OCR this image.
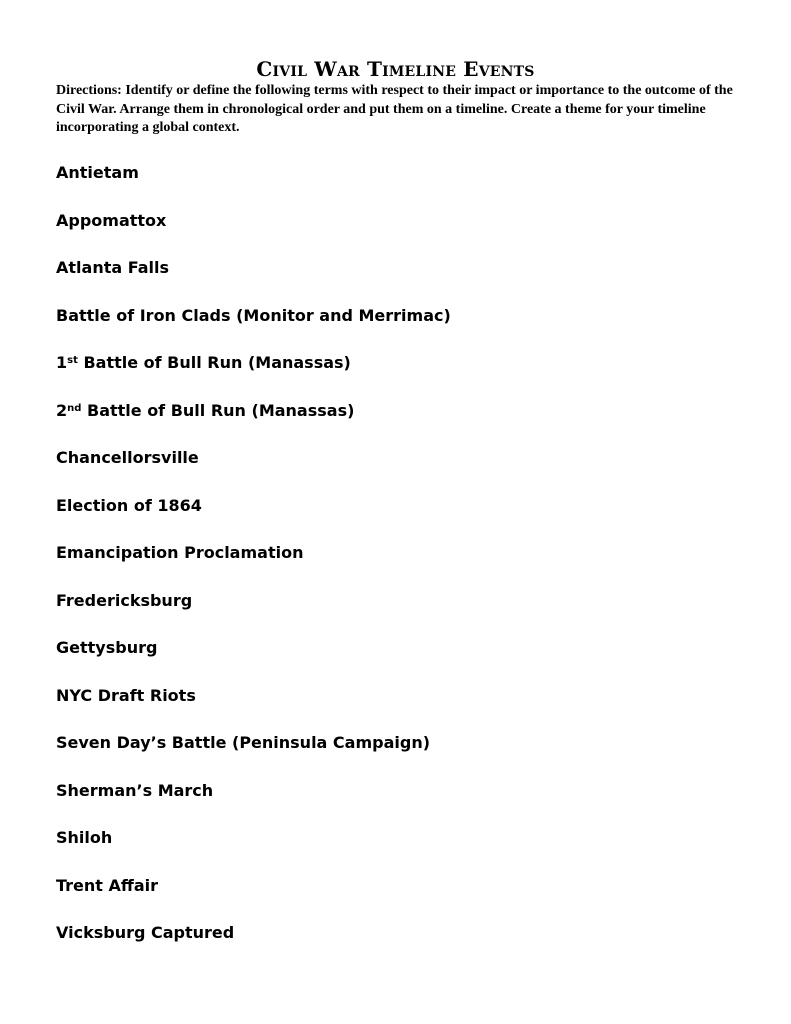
Civil War Timeline Events

Directions: Identify or define the following terms with respect to their impact or importance to the outcome of the Civil War. Arrange them in chronological order and put them on a timeline. Create a theme for your timeline incorporating a global context.

Antietam
Appomattox
Atlanta Falls
Battle of Iron Clads (Monitor and Merrimac)
1st Battle of Bull Run (Manassas)
2nd Battle of Bull Run (Manassas)
Chancellorsville
Election of 1864
Emancipation Proclamation
Fredericksburg
Gettysburg
NYC Draft Riots
Seven Day’s Battle (Peninsula Campaign)
Sherman’s March
Shiloh
Trent Affair
Vicksburg Captured
